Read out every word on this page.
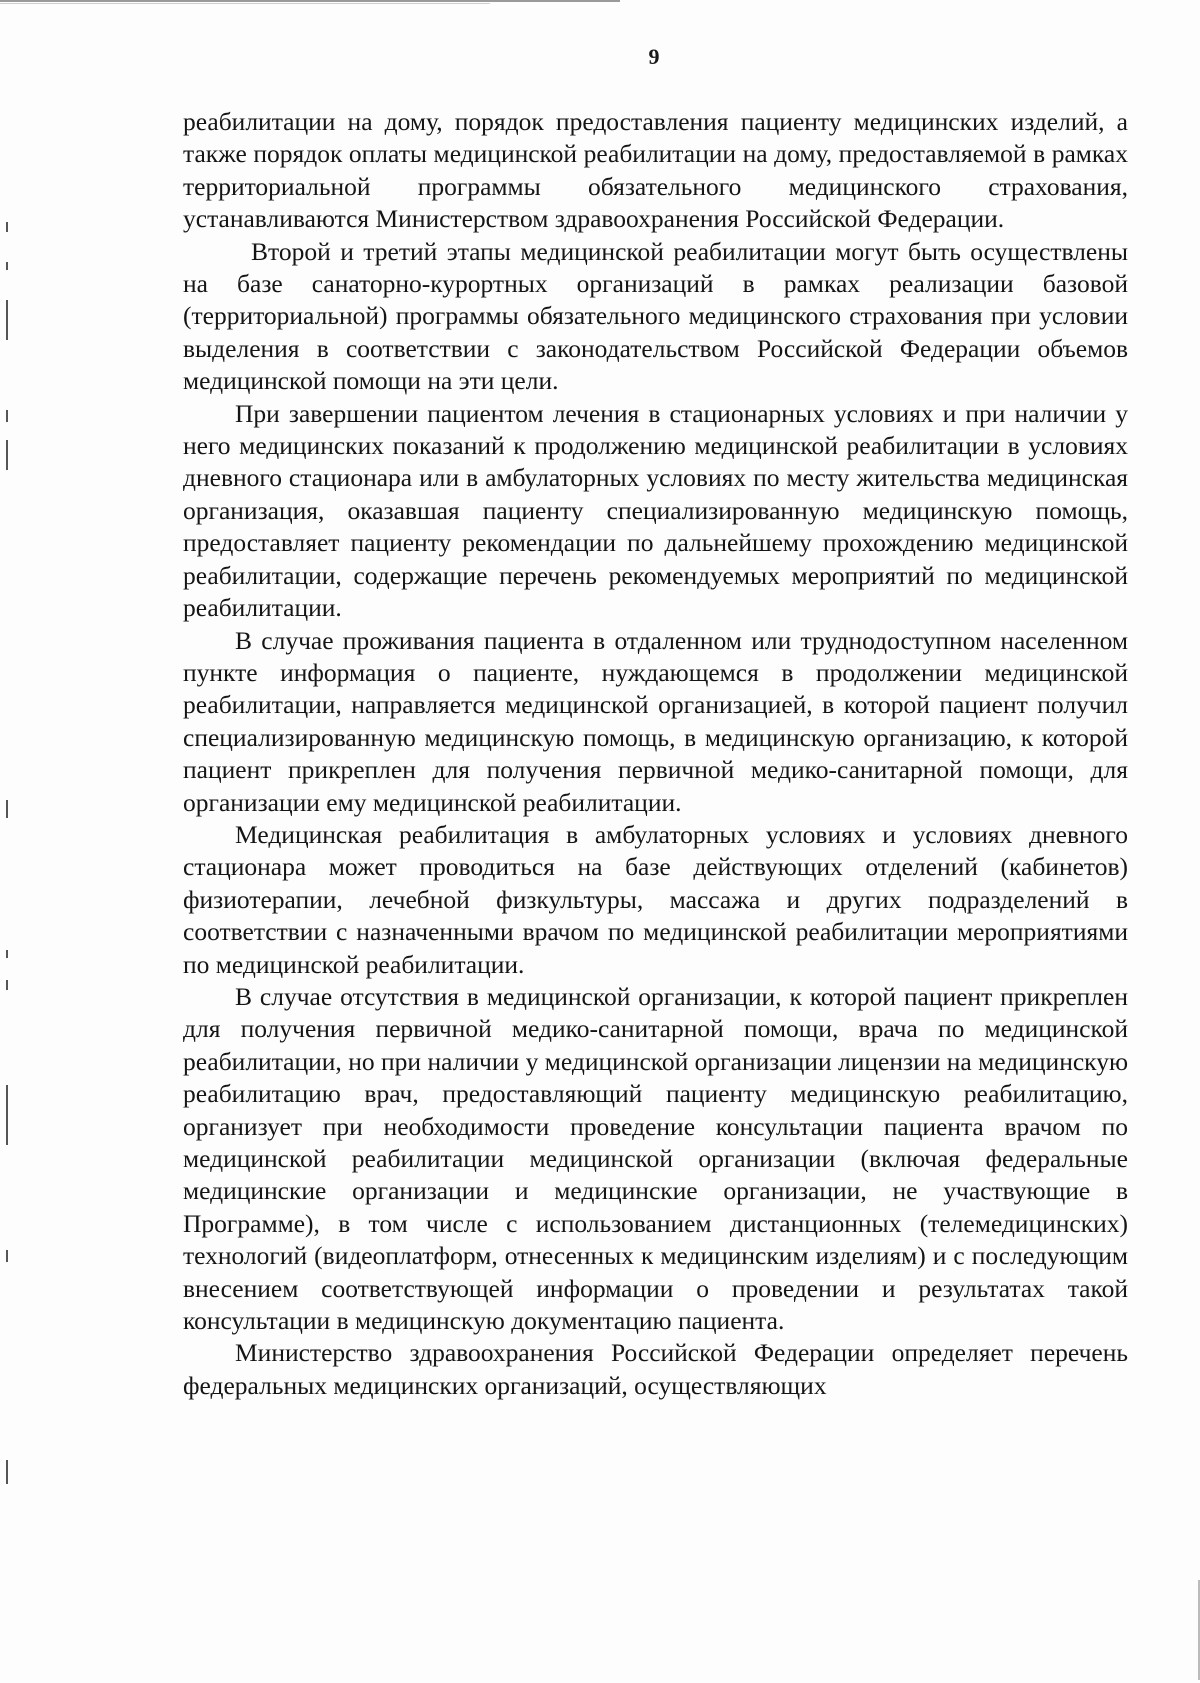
9

реабилитации на дому, порядок предоставления пациенту медицинских изделий, а также порядок оплаты медицинской реабилитации на дому, предоставляемой в рамках территориальной программы обязательного медицинского страхования, устанавливаются Министерством здравоохранения Российской Федерации.

Второй и третий этапы медицинской реабилитации могут быть осуществлены на базе санаторно-курортных организаций в рамках реализации базовой (территориальной) программы обязательного медицинского страхования при условии выделения в соответствии с законодательством Российской Федерации объемов медицинской помощи на эти цели.

При завершении пациентом лечения в стационарных условиях и при наличии у него медицинских показаний к продолжению медицинской реабилитации в условиях дневного стационара или в амбулаторных условиях по месту жительства медицинская организация, оказавшая пациенту специализированную медицинскую помощь, предоставляет пациенту рекомендации по дальнейшему прохождению медицинской реабилитации, содержащие перечень рекомендуемых мероприятий по медицинской реабилитации.

В случае проживания пациента в отдаленном или труднодоступном населенном пункте информация о пациенте, нуждающемся в продолжении медицинской реабилитации, направляется медицинской организацией, в которой пациент получил специализированную медицинскую помощь, в медицинскую организацию, к которой пациент прикреплен для получения первичной медико-санитарной помощи, для организации ему медицинской реабилитации.

Медицинская реабилитация в амбулаторных условиях и условиях дневного стационара может проводиться на базе действующих отделений (кабинетов) физиотерапии, лечебной физкультуры, массажа и других подразделений в соответствии с назначенными врачом по медицинской реабилитации мероприятиями по медицинской реабилитации.

В случае отсутствия в медицинской организации, к которой пациент прикреплен для получения первичной медико-санитарной помощи, врача по медицинской реабилитации, но при наличии у медицинской организации лицензии на медицинскую реабилитацию врач, предоставляющий пациенту медицинскую реабилитацию, организует при необходимости проведение консультации пациента врачом по медицинской реабилитации медицинской организации (включая федеральные медицинские организации и медицинские организации, не участвующие в Программе), в том числе с использованием дистанционных (телемедицинских) технологий (видеоплатформ, отнесенных к медицинским изделиям) и с последующим внесением соответствующей информации о проведении и результатах такой консультации в медицинскую документацию пациента.

Министерство здравоохранения Российской Федерации определяет перечень федеральных медицинских организаций, осуществляющих
